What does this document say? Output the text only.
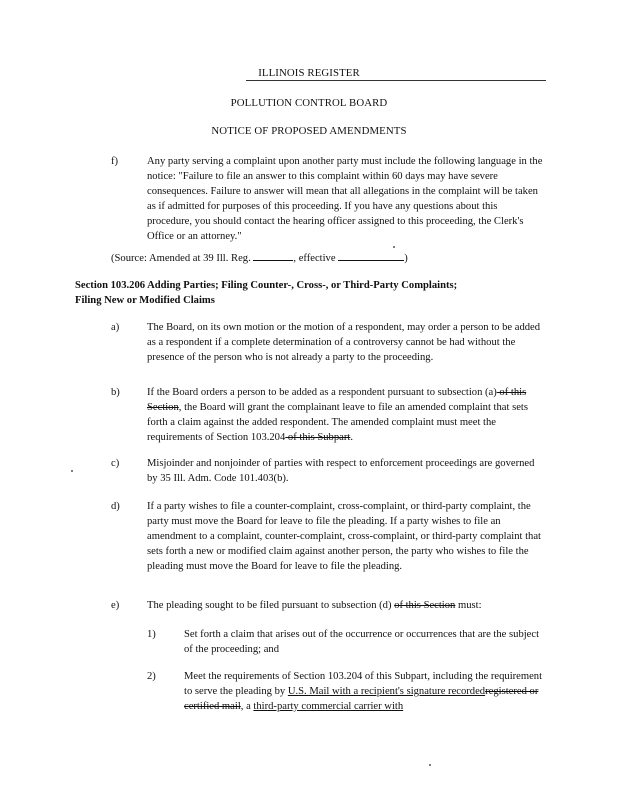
ILLINOIS REGISTER
POLLUTION CONTROL BOARD
NOTICE OF PROPOSED AMENDMENTS
f)	Any party serving a complaint upon another party must include the following language in the notice: "Failure to file an answer to this complaint within 60 days may have severe consequences. Failure to answer will mean that all allegations in the complaint will be taken as if admitted for purposes of this proceeding. If you have any questions about this procedure, you should contact the hearing officer assigned to this proceeding, the Clerk's Office or an attorney."
(Source: Amended at 39 Ill. Reg.	, effective	)
Section 103.206 Adding Parties; Filing Counter-, Cross-, or Third-Party Complaints;
Filing New or Modified Claims
a)	The Board, on its own motion or the motion of a respondent, may order a person to be added as a respondent if a complete determination of a controversy cannot be had without the presence of the person who is not already a party to the proceeding.
b)	If the Board orders a person to be added as a respondent pursuant to subsection (a) of this Section, the Board will grant the complainant leave to file an amended complaint that sets forth a claim against the added respondent. The amended complaint must meet the requirements of Section 103.204 of this Subpart.
c)	Misjoinder and nonjoinder of parties with respect to enforcement proceedings are governed by 35 Ill. Adm. Code 101.403(b).
d)	If a party wishes to file a counter-complaint, cross-complaint, or third-party complaint, the party must move the Board for leave to file the pleading. If a party wishes to file an amendment to a complaint, counter-complaint, cross-complaint, or third-party complaint that sets forth a new or modified claim against another person, the party who wishes to file the pleading must move the Board for leave to file the pleading.
e)	The pleading sought to be filed pursuant to subsection (d) of this Section must:
1)	Set forth a claim that arises out of the occurrence or occurrences that are the subject of the proceeding; and
2)	Meet the requirements of Section 103.204 of this Subpart, including the requirement to serve the pleading by U.S. Mail with a recipient's signature recordedregistered or certified mail, a third-party commercial carrier with
